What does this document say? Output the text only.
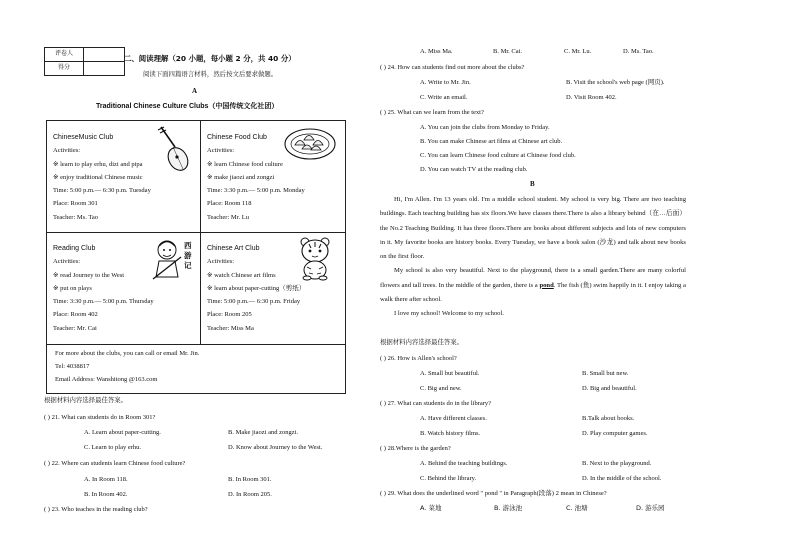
评卷人	
得分	
二、阅读理解（20 小题，每小题 2 分，共 40 分）
阅读下面四篇语言材料，然后按文后要求做题。
A
Traditional Chinese Culture Clubs（中国传统文化社团）
ChineseMusic Club
Activities:
※ learn to play erhu, dizi and pipa
※ enjoy traditional Chinese music
Time: 5:00 p.m.— 6:30 p.m. Tuesday
Place: Room 301
Teacher: Ms. Tao
Chinese Food Club
Activities:
※ learn Chinese food culture
※ make jiaozi and zongzi
Time: 3:30 p.m.— 5:00 p.m. Monday
Place: Room 118
Teacher: Mr. Lu
Reading Club
Activities:
※ read Journey to the West
※ put on plays
Time: 3:30 p.m.— 5:00 p.m. Thursday
Place: Room 402
Teacher: Mr. Cai
Chinese Art Club
Activities:
※ watch Chinese art films
※ learn about paper-cutting（剪纸）
Time: 5:00 p.m.— 6:30 p.m. Friday
Place: Room 205
Teacher: Miss Ma
西游记
For more about the clubs, you can call or email Mr. Jin.
Tel: 4038817
Email Address: Wanshitong @163.com
根据材料内容选择最佳答案。
( ) 21. What can students do in Room 301?
A. Learn about paper-cutting.	B. Make jiaozi and zongzi.
C. Learn to play erhu.	D. Know about Journey to the West.
( ) 22. Where can students learn Chinese food culture?
A. In Room 118.	B. In Room 301.
B. In Room 402.	D. In Room 205.
( ) 23. Who teaches in the reading club?
A. Miss Ma.	B. Mr. Cai.	C. Mr. Lu.	D. Ms. Tao.
( ) 24. How can students find out more about the clubs?
A. Write to Mr. Jin.	B. Visit the school's web page (网页).
C. Write an email.	D. Visit Room 402.
( ) 25. What can we learn from the text?
A. You can join the clubs from Monday to Friday.
B. You can make Chinese art films at Chinese art club.
C. You can learn Chinese food culture at Chinese food club.
D. You can watch TV at the reading club.
B

Hi, I'm Allen. I'm 13 years old. I'm a middle school student. My school is very big. There are two teaching buildings. Each teaching building has six floors.We have classes there.There is also a library behind（在…后面）the No.2 Teaching Building. It has three floors.There are books about different subjects and lots of new computers in it. My favorite books are history books. Every Tuesday, we have a book salon (沙龙) and talk about new books on the first floor.

My school is also very beautiful. Next to the playground, there is a small garden.There are many colorful flowers and tall trees. In the middle of the garden, there is a pond. The fish (鱼) swim happily in it. I enjoy taking a walk there after school.

I love my school! Welcome to my school.

根据材料内容选择最佳答案。
( ) 26. How is Allen's school?
A. Small but beautiful.	B. Small but new.
C. Big and new.	D. Big and beautiful.
( ) 27. What can students do in the library?
A. Have different classes.	B.Talk about books.
B. Watch history films.	D. Play computer games.
( ) 28.Where is the garden?
A. Behind the teaching buildings.	B. Next to the playground.
C. Behind the library.	D. In the middle of the school.
( ) 29. What does the underlined word " pond " in Paragraph(段落) 2 mean in Chinese?
A. 菜地	B. 游泳池	C. 池塘	D. 游乐园
